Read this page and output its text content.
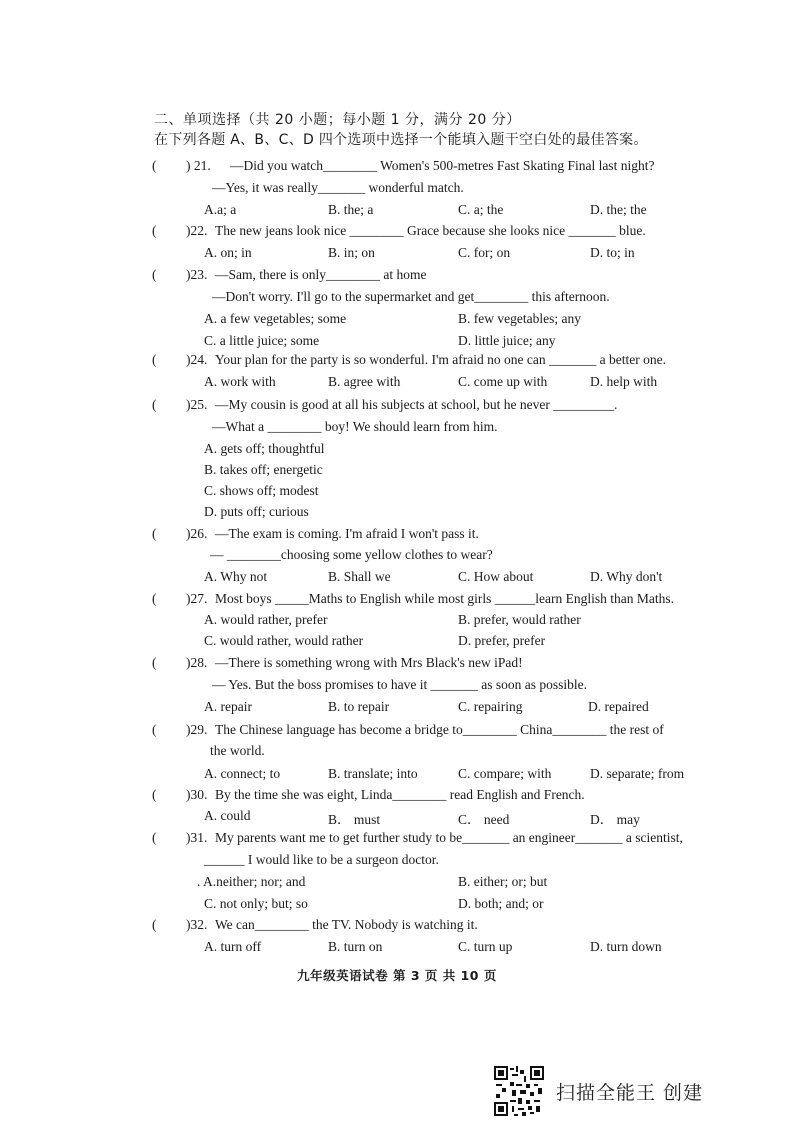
二、单项选择（共 20 小题；每小题 1 分，满分 20 分）
在下列各题 A、B、C、D 四个选项中选择一个能填入题干空白处的最佳答案。
( ) 21. —Did you watch________ Women's 500-metres Fast Skating Final last night?
—Yes, it was really_______ wonderful match.
A.a; a	B. the; a	C. a; the	D. the; the
( )22. The new jeans look nice ________ Grace because she looks nice _______ blue.
A. on; in	B. in; on	C. for; on	D. to; in
( )23. —Sam, there is only________ at home
—Don't worry. I'll go to the supermarket and get________ this afternoon.
A. a few vegetables; some	B. few vegetables; any
C. a little juice; some	D. little juice; any
( )24. Your plan for the party is so wonderful. I'm afraid no one can _______ a better one.
A. work with	B. agree with	C. come up with	D. help with
( )25. —My cousin is good at all his subjects at school, but he never _________.
—What a ________ boy! We should learn from him.
A. gets off; thoughtful
B. takes off; energetic
C. shows off; modest
D. puts off; curious
( )26. —The exam is coming. I'm afraid I won't pass it.
— ________choosing some yellow clothes to wear?
A. Why not	B. Shall we	C. How about	D. Why don't
( )27. Most boys _____Maths to English while most girls ______learn English than Maths.
A. would rather, prefer	B. prefer, would rather
C. would rather, would rather	D. prefer, prefer
( )28. —There is something wrong with Mrs Black's new iPad!
— Yes. But the boss promises to have it _______ as soon as possible.
A. repair	B. to repair	C. repairing	D. repaired
( )29. The Chinese language has become a bridge to________ China________ the rest of
the world.
A. connect; to	B. translate; into	C. compare; with	D. separate; from
( )30. By the time she was eight, Linda________ read English and French.
A. could	B． must	C． need	D． may
( )31. My parents want me to get further study to be_______ an engineer_______ a scientist,
______ I would like to be a surgeon doctor.
. A.neither; nor; and	B. either; or; but
C. not only; but; so	D. both; and; or
( )32. We can________ the TV. Nobody is watching it.
A. turn off	B. turn on	C. turn up	D. turn down
九年级英语试卷 第 3 页 共 10 页
扫描全能王 创建
